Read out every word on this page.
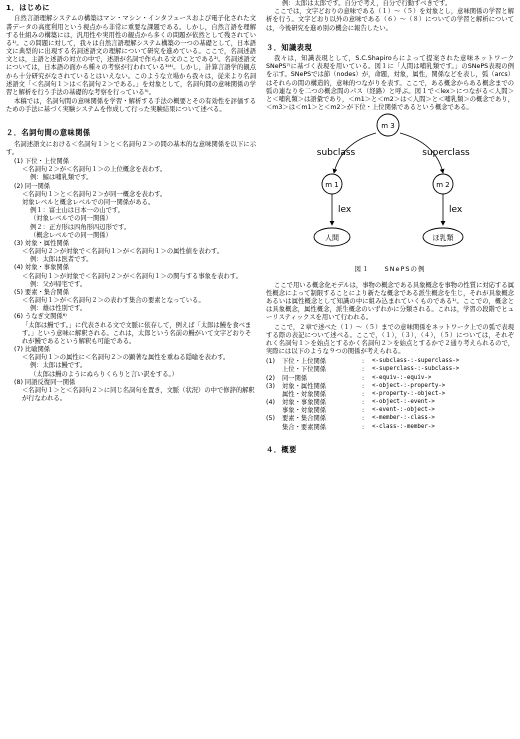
1．はじめに

自然言語理解システムの構築はマン・マシン・インタフェースおよび電子化された文書データの高度利用という視点から非常に重要な課題である。しかし，自然言語を理解する仕組みの構築には，汎用性や実用性の観点から多くの問題が依然として残されている¹⁾。この問題に対して，我々は自然言語理解システム構築の一つの基礎として，日本語文に典型的に出現する名詞述語文の理解について研究を進めている。ここで，名詞述語文とは，主語と述語の対立の中で，述語が名詞で作られる文のことである²⁾。名詞述語文については，日本語の面から種々の考察が行われている³⁾⁴⁾。しかし，計算言語学的観点から十分研究がなされているとはいえない。このような立場から我々は，従来より名詞述語文「＜名詞句１＞は＜名詞句２＞である。」を対象として，名詞句間の意味関係の学習と解析を行う手法の基礎的な考察を行っている⁵⁾。

本稿では，名詞句間の意味関係を学習・解析する手法の概要とその有効性を評価するための手法に基づく実験システムを作成して行った実験結果について述べる。

２．名詞句間の意味関係

名詞述語文における＜名詞句１＞と＜名詞句２＞の間の基本的な意味関係を以下に示す。

(1) 下位・上位関係
＜名詞句２＞が＜名詞句１＞の上位概念を表わす。
例：鯨は哺乳類です。
(2) 同一関係
＜名詞句１＞と＜名詞句２＞が同一概念を表わす。
対象レベルと概念レベルでの同一関係がある。
例１：富士山は日本一の山です。
（対象レベルでの同一関係）
例２：正方形は四角形四辺形です。
（概念レベルでの同一関係）
(3) 対象・属性関係
＜名詞句２＞が対象で＜名詞句１＞が＜名詞句１＞の属性値を表わす。
例：太郎は医者です。
(4) 対象・事象関係
＜名詞句１＞が対象で＜名詞句２＞が＜名詞句１＞の関与する事象を表わす。
例：父が帰宅です。
(5) 要素・集合関係
＜名詞句１＞が＜名詞句２＞の表わす集合の要素となっている。
例：雄は性別です。
(6) うなぎ文関係⁶⁾
「太郎は鰻です。」に代表される文で文脈に依存して，例えば「太郎は鰻を食べます。」という意味に解釈される。これは，太郎という名前の鰻がいて文字どおりそれが鰻であるという解釈も可能である。
(7) 比喩関係
＜名詞句１＞の属性に＜名詞句２＞の顕著な属性を重ねる隠喩を表わす。
例：太郎は鰻です。
（太郎は鰻のようにぬらりくらりと言い訳をする。）
(8) 同語反復同一関係
＜名詞句１＞と＜名詞句２＞に同じ名詞句を置き，文脈（状況）の中で修辞的解釈が行なわれる。
例：太郎は太郎です。自分で考え，自分で行動すべきです。

ここでは，文字どおりの意味である（１）～（５）を対象とし，意味関係の学習と解析を行う。文字どおり以外の意味である（６）～（８）についての学習と解析については，今後研究を進め別の機会に報告したい。

３．知識表現

我々は，知識表現として，S.C.Shapiroらによって提案された意味ネットワークSNePS⁷⁾に基づく表現を用いている。図１に「人間は哺乳類です。」のSNePS表現の例を示す。SNePSでは節（nodes）が，命題，対象，属性，関係などを表し，弧（arcs）はそれらの間の構造的，意味的つながりを表す。ここで，ある概念からある概念までの弧の連なりを二つの概念間のパス（経路）と呼ぶ。図１で＜lex＞につながる＜人間＞と＜哺乳類＞は語彙であり，＜m1＞と＜m2＞は＜人間＞と＜哺乳類＞の概念であり，＜m3＞は＜m1＞と＜m2＞が下位・上位関係であるという概念である。

m 3
m 1	m 2
subclass	superclass
lex	lex
人間	ほ乳類
図１　　SNePSの例

ここで用いる概念化モデルは，事物の概念である具象概念を事物の性質に対応する属性概念によって制限することにより新たな概念である派生概念を生じ，それが具象概念あるいは属性概念として知識の中に組み込まれていくものである¹⁾。ここでの，概念とは具象概念，属性概念，派生概念のいずれかに分類される。これは，学習の段階でヒューリスティックスを用いて行われる。

ここで，２章で述べた（１）～（５）までの意味関係をネットワーク上での弧で表現する際の表記について述べる。ここで，（１），（３），（４），（５）については，それぞれく名詞句１＞を始点とするかく名詞句２＞を始点とするかで２通り考えられるので，実際には以下のような９つの関係が考えられる。

(1)	下位・上位関係	:	<-subclass-:-superclass->
上位・下位関係	:	<-superclass-:-subclass->
(2)	同一関係	:	<-equiv-:-equiv->
(3)	対象・属性関係	:	<-object-:-property->
属性・対象関係	:	<-property-:-object->
(4)	対象・事象関係	:	<-object-:-event->
事象・対象関係	:	<-event-:-object->
(5)	要素・集合関係	:	<-member-:-class->
集合・要素関係	:	<-class-:-member->
４．概要
